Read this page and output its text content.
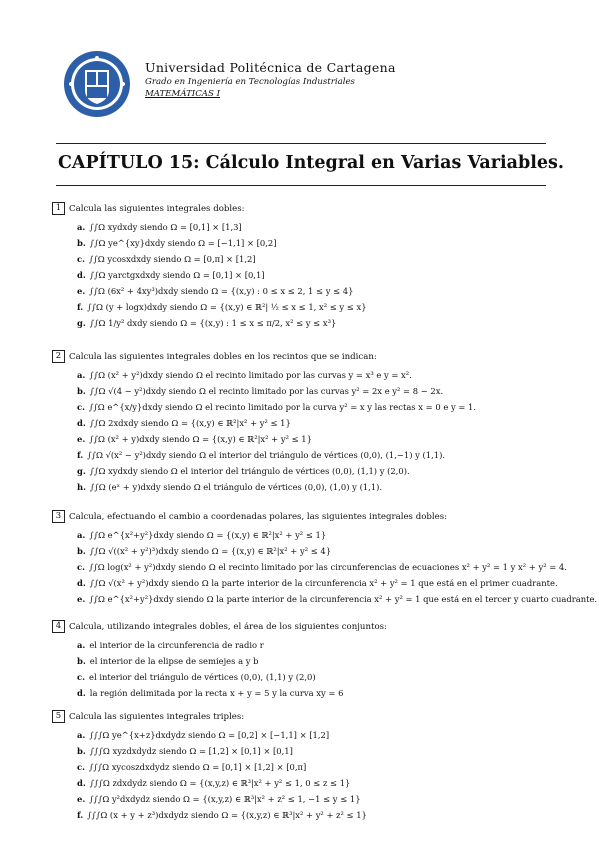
Universidad Politécnica de Cartagena
Grado en Ingeniería en Tecnologías Industriales
MATEMÁTICAS I
CAPÍTULO 15: Cálculo Integral en Varias Variables.
1 Calcula las siguientes integrales dobles:
a. ∫∫Ω xydxdy siendo Ω = [0,1] × [1,3]
b. ∫∫Ω ye^{xy}dxdy siendo Ω = [−1,1] × [0,2]
c. ∫∫Ω ycosxdxdy siendo Ω = [0,π] × [1,2]
d. ∫∫Ω yarctgxdxdy siendo Ω = [0,1] × [0,1]
e. ∫∫Ω (6x² + 4xy³)dxdy siendo Ω = {(x,y) : 0 ≤ x ≤ 2, 1 ≤ y ≤ 4}
f. ∫∫Ω (y + logx)dxdy siendo Ω = {(x,y) ∈ ℝ²| ½ ≤ x ≤ 1, x² ≤ y ≤ x}
g. ∫∫Ω 1/y² dxdy siendo Ω = {(x,y) : 1 ≤ x ≤ π/2, x² ≤ y ≤ x³}
2 Calcula las siguientes integrales dobles en los recintos que se indican:
a. ∫∫Ω (x² + y²)dxdy siendo Ω el recinto limitado por las curvas y = x³ e y = x².
b. ∫∫Ω √(4 − y²)dxdy siendo Ω el recinto limitado por las curvas y² = 2x e y² = 8 − 2x.
c. ∫∫Ω e^{x/y}dxdy siendo Ω el recinto limitado por la curva y² = x y las rectas x = 0 e y = 1.
d. ∫∫Ω 2xdxdy siendo Ω = {(x,y) ∈ ℝ²|x² + y² ≤ 1}
e. ∫∫Ω (x² + y)dxdy siendo Ω = {(x,y) ∈ ℝ²|x² + y² ≤ 1}
f. ∫∫Ω √(x² − y²)dxdy siendo Ω el interior del triángulo de vértices (0,0), (1,−1) y (1,1).
g. ∫∫Ω xydxdy siendo Ω el interior del triángulo de vértices (0,0), (1,1) y (2,0).
h. ∫∫Ω (eˣ + y)dxdy siendo Ω el triángulo de vértices (0,0), (1,0) y (1,1).
3 Calcula, efectuando el cambio a coordenadas polares, las siguientes integrales dobles:
a. ∫∫Ω e^{x²+y²}dxdy siendo Ω = {(x,y) ∈ ℝ²|x² + y² ≤ 1}
b. ∫∫Ω √((x² + y²)³)dxdy siendo Ω = {(x,y) ∈ ℝ²|x² + y² ≤ 4}
c. ∫∫Ω log(x² + y²)dxdy siendo Ω el recinto limitado por las circunferencias de ecuaciones x² + y² = 1 y x² + y² = 4.
d. ∫∫Ω √(x² + y²)dxdy siendo Ω la parte interior de la circunferencia x² + y² = 1 que está en el primer cuadrante.
e. ∫∫Ω e^{x²+y²}dxdy siendo Ω la parte interior de la circunferencia x² + y² = 1 que está en el tercer y cuarto cuadrante.
4 Calcula, utilizando integrales dobles, el área de los siguientes conjuntos:
a. el interior de la circunferencia de radio r
b. el interior de la elipse de semiejes a y b
c. el interior del triángulo de vértices (0,0), (1,1) y (2,0)
d. la región delimitada por la recta x + y = 5 y la curva xy = 6
5 Calcula las siguientes integrales triples:
a. ∫∫∫Ω ye^{x+z}dxdydz siendo Ω = [0,2] × [−1,1] × [1,2]
b. ∫∫∫Ω xyzdxdydz siendo Ω = [1,2] × [0,1] × [0,1]
c. ∫∫∫Ω xycoszdxdydz siendo Ω = [0,1] × [1,2] × [0,π]
d. ∫∫∫Ω zdxdydz siendo Ω = {(x,y,z) ∈ ℝ³|x² + y² ≤ 1, 0 ≤ z ≤ 1}
e. ∫∫∫Ω y²dxdydz siendo Ω = {(x,y,z) ∈ ℝ³|x² + z² ≤ 1, −1 ≤ y ≤ 1}
f. ∫∫∫Ω (x + y + z³)dxdydz siendo Ω = {(x,y,z) ∈ ℝ³|x² + y² + z² ≤ 1}
